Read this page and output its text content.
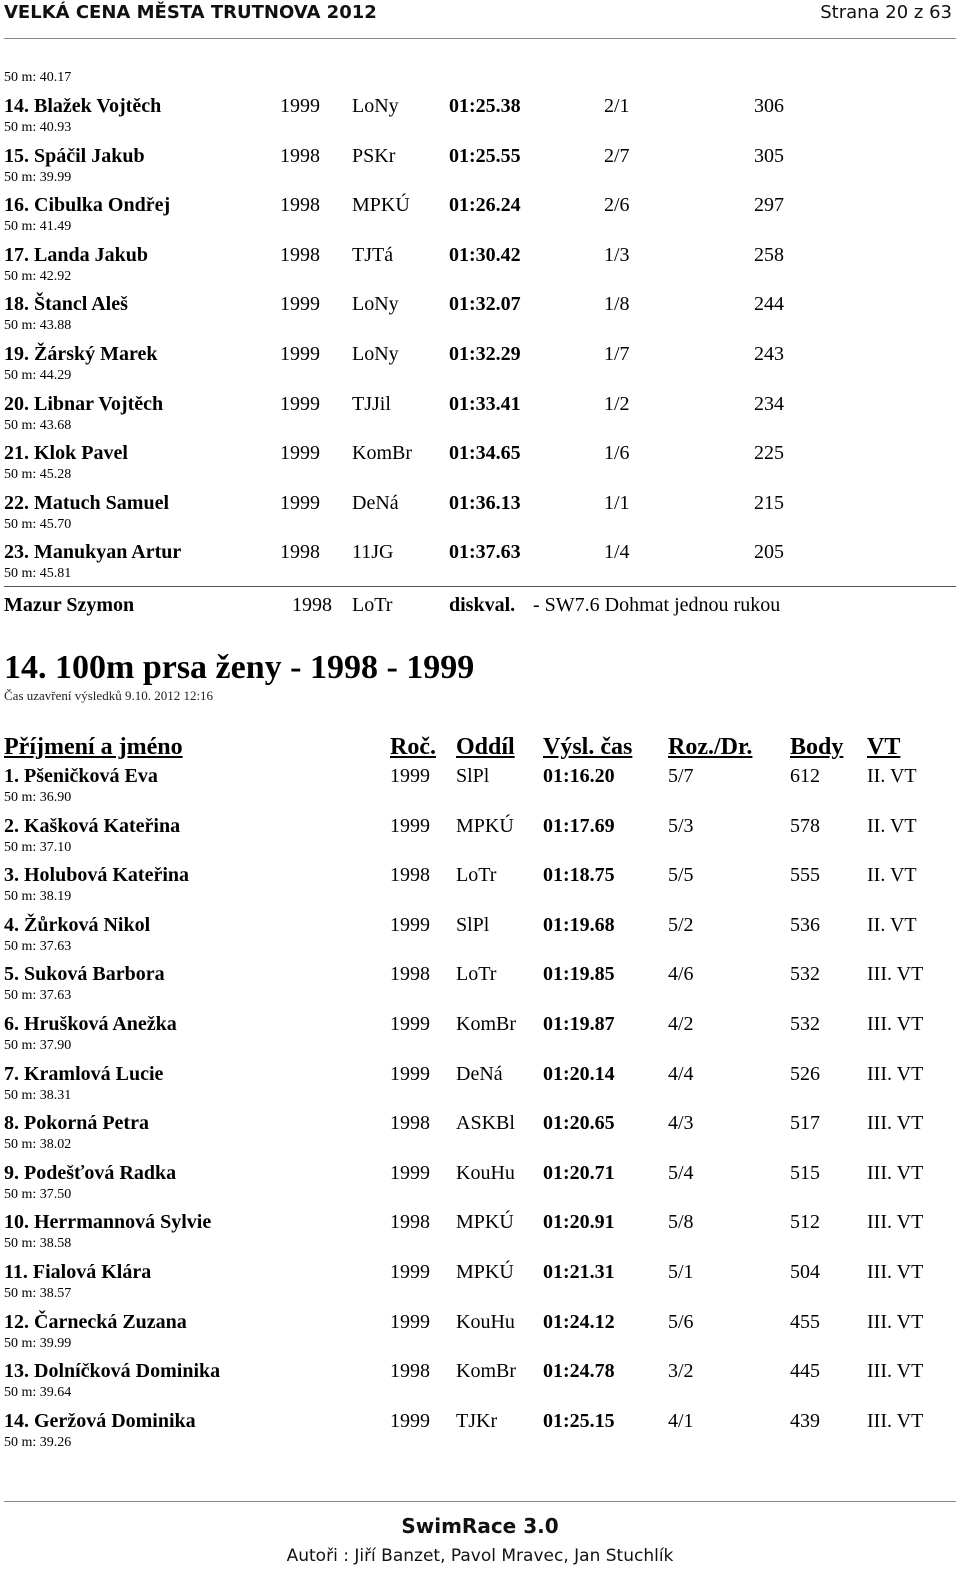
VELKÁ CENA MĚSTA TRUTNOVA 2012	Strana 20 z 63
50 m: 40.17
14. Blažek Vojtěch	1999 LoNy	01:25.38	2/1	306
50 m: 40.93
15. Spáčil Jakub	1998 PSKr	01:25.55	2/7	305
50 m: 39.99
16. Cibulka Ondřej	1998 MPKÚ 01:26.24	2/6	297
50 m: 41.49
17. Landa Jakub	1998 TJTá	01:30.42	1/3	258
50 m: 42.92
18. Štancl Aleš	1999 LoNy	01:32.07	1/8	244
50 m: 43.88
19. Žárský Marek	1999 LoNy	01:32.29	1/7	243
50 m: 44.29
20. Libnar Vojtěch	1999 TJJil	01:33.41	1/2	234
50 m: 43.68
21. Klok Pavel	1999 KomBr 01:34.65	1/6	225
50 m: 45.28
22. Matuch Samuel	1999 DeNá	01:36.13	1/1	215
50 m: 45.70
23. Manukyan Artur	1998 11JG	01:37.63	1/4	205
50 m: 45.81
Mazur Szymon	1998 LoTr	diskval. - SW7.6 Dohmat jednou rukou
14. 100m prsa ženy - 1998 - 1999
Čas uzavření výsledků 9.10. 2012 12:16
Příjmení a jméno	Roč. Oddíl Výsl. čas Roz./Dr. Body VT
1. Pšeničková Eva	1999 SlPl	01:16.20	5/7	612 II. VT
50 m: 36.90
2. Kašková Kateřina	1999 MPKÚ 01:17.69	5/3	578 II. VT
50 m: 37.10
3. Holubová Kateřina	1998 LoTr 01:18.75	5/5	555 II. VT
50 m: 38.19
4. Žůrková Nikol	1999 SlPl	01:19.68	5/2	536 II. VT
50 m: 37.63
5. Suková Barbora	1998 LoTr 01:19.85	4/6	532 III. VT
50 m: 37.63
6. Hrušková Anežka	1999 KomBr 01:19.87	4/2	532 III. VT
50 m: 37.90
7. Kramlová Lucie	1999 DeNá 01:20.14	4/4	526 III. VT
50 m: 38.31
8. Pokorná Petra	1998 ASKBl 01:20.65	4/3	517 III. VT
50 m: 38.02
9. Podešťová Radka	1999 KouHu 01:20.71	5/4	515 III. VT
50 m: 37.50
10. Herrmannová Sylvie	1998 MPKÚ 01:20.91	5/8	512 III. VT
50 m: 38.58
11. Fialová Klára	1999 MPKÚ 01:21.31	5/1	504 III. VT
50 m: 38.57
12. Čarnecká Zuzana	1999 KouHu 01:24.12	5/6	455 III. VT
50 m: 39.99
13. Dolníčková Dominika	1998 KomBr 01:24.78	3/2	445 III. VT
50 m: 39.64
14. Geržová Dominika	1999 TJKr 01:25.15	4/1	439 III. VT
50 m: 39.26
SwimRace 3.0
Autoři : Jiří Banzet, Pavol Mravec, Jan Stuchlík
